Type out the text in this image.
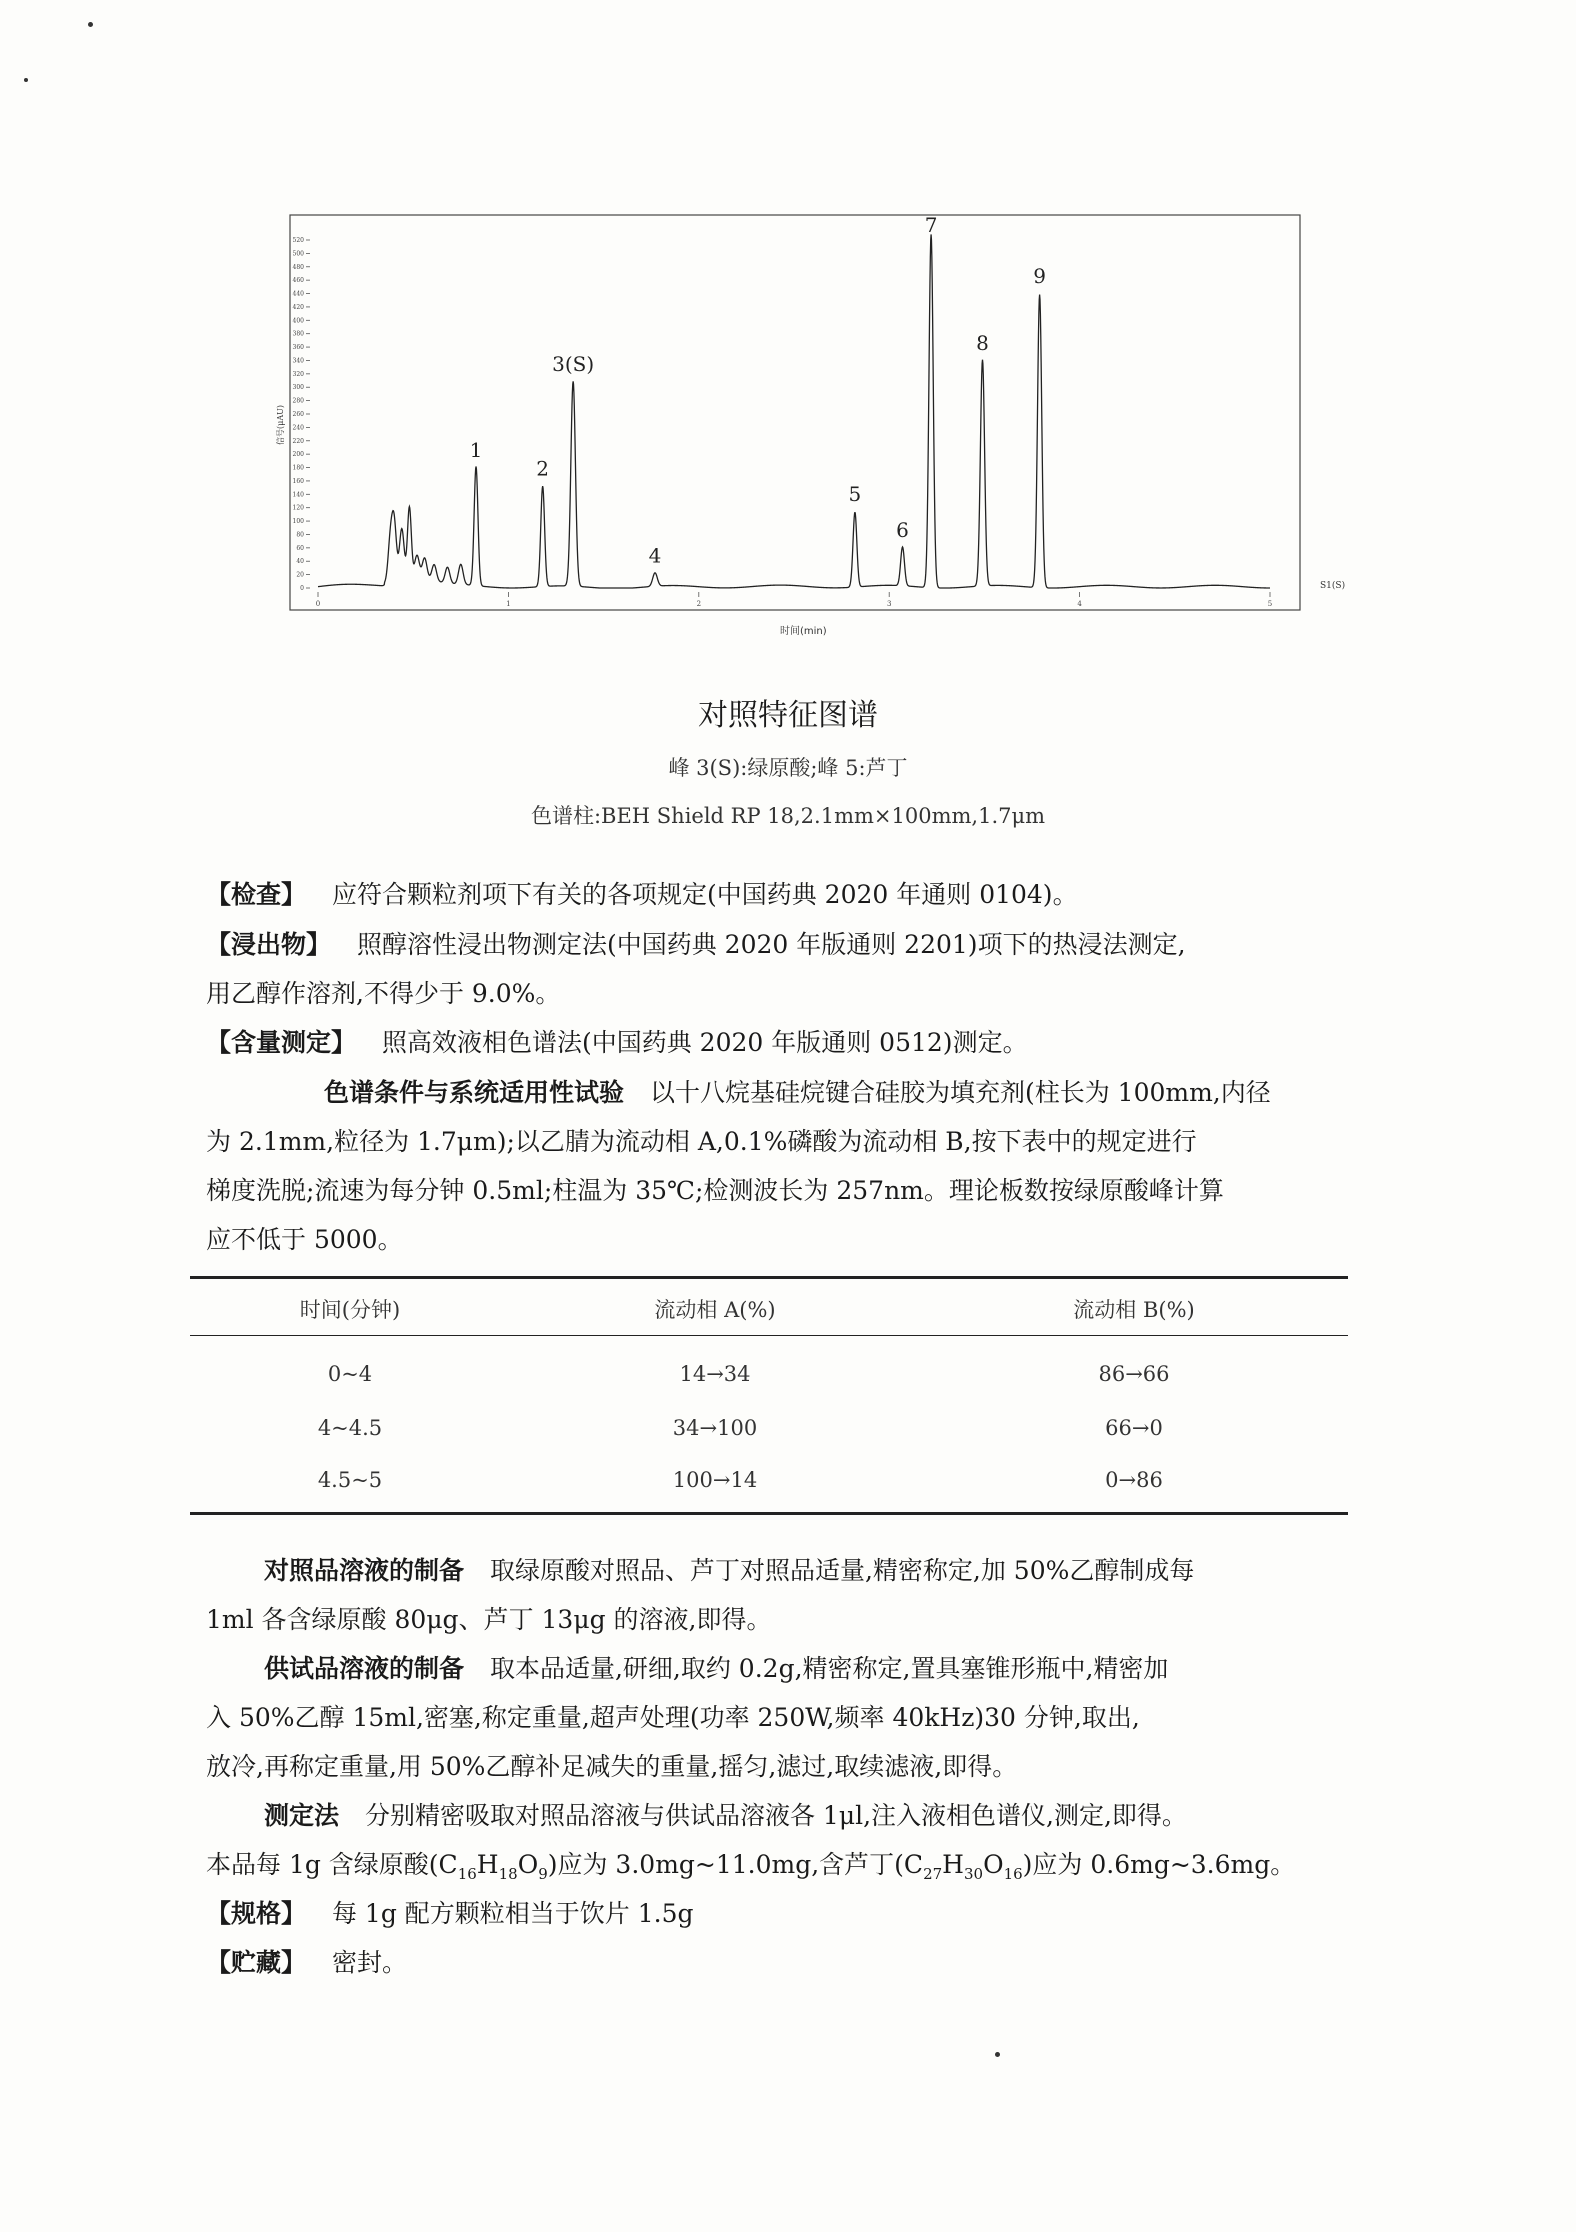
0
20
40
60
80
100
120
140
160
180
200
220
240
260
280
300
320
340
360
380
400
420
440
460
480
500
520
0	1	2	3	4	5
信号(μAU)
S1(S)
1
2
3(S)
4
5
6
7
8
9
时间(min)
对照特征图谱
峰 3(S):绿原酸;峰 5:芦丁
色谱柱:BEH Shield RP 18,2.1mm×100mm,1.7μm
【检查】 应符合颗粒剂项下有关的各项规定(中国药典 2020 年通则 0104)。
【浸出物】 照醇溶性浸出物测定法(中国药典 2020 年版通则 2201)项下的热浸法测定,
用乙醇作溶剂,不得少于 9.0%。
【含量测定】 照高效液相色谱法(中国药典 2020 年版通则 0512)测定。
色谱条件与系统适用性试验 以十八烷基硅烷键合硅胶为填充剂(柱长为 100mm,内径
为 2.1mm,粒径为 1.7μm);以乙腈为流动相 A,0.1%磷酸为流动相 B,按下表中的规定进行
梯度洗脱;流速为每分钟 0.5ml;柱温为 35℃;检测波长为 257nm。理论板数按绿原酸峰计算
应不低于 5000。
时间(分钟)	流动相 A(%)	流动相 B(%)
0~4	14→34	86→66
4~4.5	34→100	66→0
4.5~5	100→14	0→86
对照品溶液的制备 取绿原酸对照品、芦丁对照品适量,精密称定,加 50%乙醇制成每
1ml 各含绿原酸 80μg、芦丁 13μg 的溶液,即得。
供试品溶液的制备 取本品适量,研细,取约 0.2g,精密称定,置具塞锥形瓶中,精密加
入 50%乙醇 15ml,密塞,称定重量,超声处理(功率 250W,频率 40kHz)30 分钟,取出,
放冷,再称定重量,用 50%乙醇补足减失的重量,摇匀,滤过,取续滤液,即得。
测定法 分别精密吸取对照品溶液与供试品溶液各 1μl,注入液相色谱仪,测定,即得。
本品每 1g 含绿原酸$(C_{16}H_{18}O_9)$应为 3.0mg~11.0mg,含芦丁$(C_{27}H_{30}O_{16})$应为 0.6mg~3.6mg。
【规格】 每 1g 配方颗粒相当于饮片 1.5g
【贮藏】 密封。
